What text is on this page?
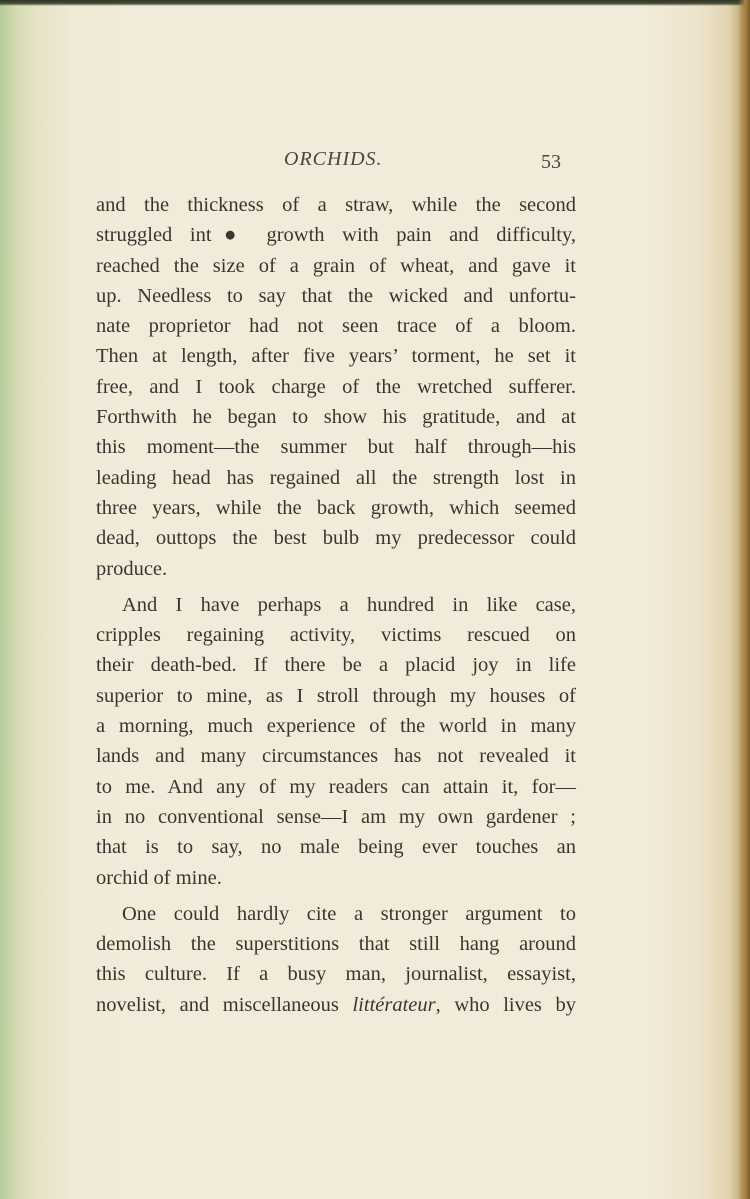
ORCHIDS.	53
and the thickness of a straw, while the second
struggled int● growth with pain and difficulty,
reached the size of a grain of wheat, and gave it
up. Needless to say that the wicked and unfortu-
nate proprietor had not seen trace of a bloom.
Then at length, after five years’ torment, he set it
free, and I took charge of the wretched sufferer.
Forthwith he began to show his gratitude, and at
this moment—the summer but half through—his
leading head has regained all the strength lost in
three years, while the back growth, which seemed
dead, outtops the best bulb my predecessor could
produce.
And I have perhaps a hundred in like case,
cripples regaining activity, victims rescued on
their death-bed. If there be a placid joy in life
superior to mine, as I stroll through my houses of
a morning, much experience of the world in many
lands and many circumstances has not revealed it
to me. And any of my readers can attain it, for—
in no conventional sense—I am my own gardener ;
that is to say, no male being ever touches an
orchid of mine.
One could hardly cite a stronger argument to
demolish the superstitions that still hang around
this culture. If a busy man, journalist, essayist,
novelist, and miscellaneous littérateur, who lives by
